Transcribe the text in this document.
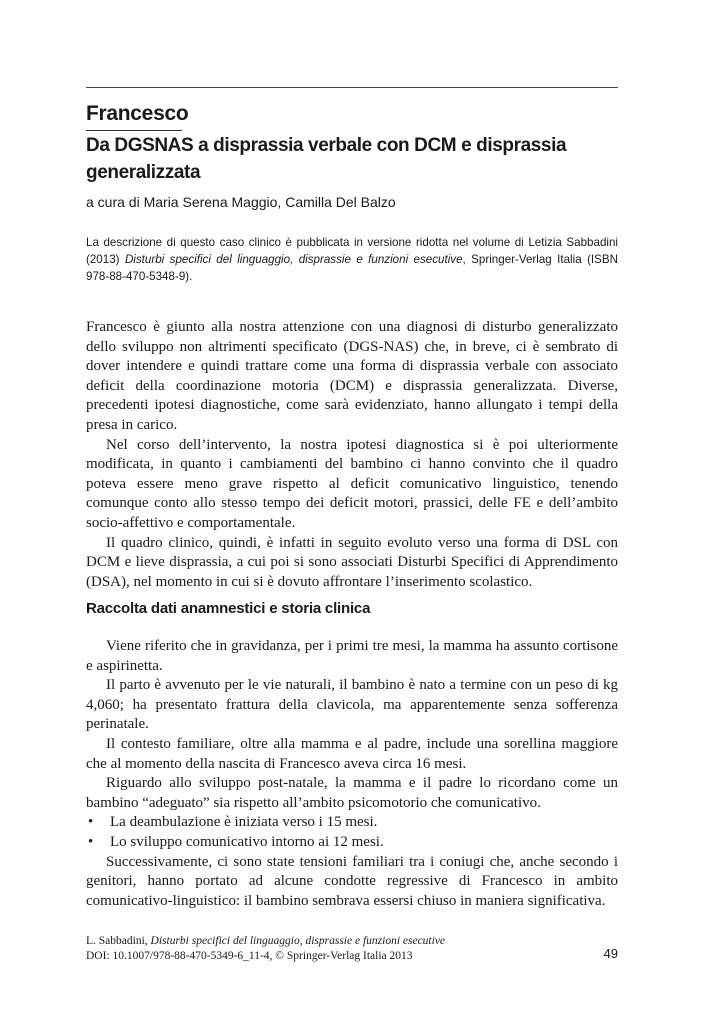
Francesco
Da DGSNAS a disprassia verbale con DCM e disprassia generalizzata
a cura di Maria Serena Maggio, Camilla Del Balzo

La descrizione di questo caso clinico è pubblicata in versione ridotta nel volume di Letizia Sabbadini (2013) Disturbi specifici del linguaggio, disprassie e funzioni esecutive, Springer-Verlag Italia (ISBN 978-88-470-5348-9).

Francesco è giunto alla nostra attenzione con una diagnosi di disturbo generalizzato dello sviluppo non altrimenti specificato (DGS-NAS) che, in breve, ci è sembrato di dover intendere e quindi trattare come una forma di disprassia verbale con associato deficit della coordinazione motoria (DCM) e disprassia generalizzata. Diverse, precedenti ipotesi diagnostiche, come sarà evidenziato, hanno allungato i tempi della presa in carico.

Nel corso dell’intervento, la nostra ipotesi diagnostica si è poi ulteriormente modificata, in quanto i cambiamenti del bambino ci hanno convinto che il quadro poteva essere meno grave rispetto al deficit comunicativo linguistico, tenendo comunque conto allo stesso tempo dei deficit motori, prassici, delle FE e dell’ambito socio-affettivo e comportamentale.

Il quadro clinico, quindi, è infatti in seguito evoluto verso una forma di DSL con DCM e lieve disprassia, a cui poi si sono associati Disturbi Specifici di Apprendimento (DSA), nel momento in cui si è dovuto affrontare l’inserimento scolastico.

Raccolta dati anamnestici e storia clinica

Viene riferito che in gravidanza, per i primi tre mesi, la mamma ha assunto cortisone e aspirinetta.

Il parto è avvenuto per le vie naturali, il bambino è nato a termine con un peso di kg 4,060; ha presentato frattura della clavicola, ma apparentemente senza sofferenza perinatale.

Il contesto familiare, oltre alla mamma e al padre, include una sorellina maggiore che al momento della nascita di Francesco aveva circa 16 mesi.

Riguardo allo sviluppo post-natale, la mamma e il padre lo ricordano come un bambino “adeguato” sia rispetto all’ambito psicomotorio che comunicativo.

• La deambulazione è iniziata verso i 15 mesi.
• Lo sviluppo comunicativo intorno ai 12 mesi.

Successivamente, ci sono state tensioni familiari tra i coniugi che, anche secondo i genitori, hanno portato ad alcune condotte regressive di Francesco in ambito comunicativo-linguistico: il bambino sembrava essersi chiuso in maniera significativa.

L. Sabbadini, Disturbi specifici del linguaggio, disprassie e funzioni esecutive
DOI: 10.1007/978-88-470-5349-6_11-4, © Springer-Verlag Italia 2013	49
